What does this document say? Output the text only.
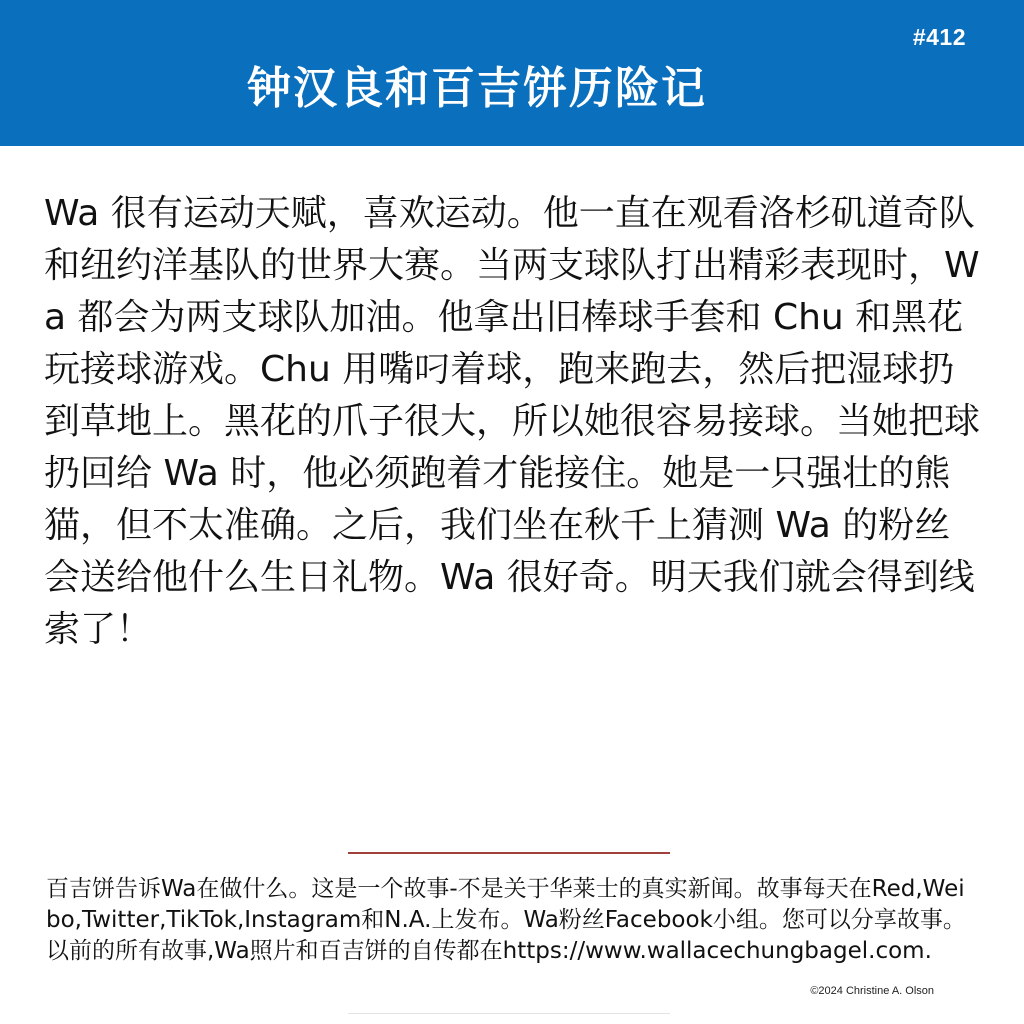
#412
钟汉良和百吉饼历险记
Wa 很有运动天赋，喜欢运动。他一直在观看洛杉矶道奇队和纽约洋基队的世界大赛。当两支球队打出精彩表现时，Wa 都会为两支球队加油。他拿出旧棒球手套和 Chu 和黑花玩接球游戏。Chu 用嘴叼着球，跑来跑去，然后把湿球扔到草地上。黑花的爪子很大，所以她很容易接球。当她把球扔回给 Wa 时，他必须跑着才能接住。她是一只强壮的熊猫，但不太准确。之后，我们坐在秋千上猜测 Wa 的粉丝会送给他什么生日礼物。Wa 很好奇。明天我们就会得到线索了！
百吉饼告诉Wa在做什么。这是一个故事-不是关于华莱士的真实新闻。故事每天在Red,Weibo,Twitter,TikTok,Instagram和N.A.上发布。Wa粉丝Facebook小组。您可以分享故事。以前的所有故事,Wa照片和百吉饼的自传都在https://www.wallacechungbagel.com.
©2024 Christine A. Olson
